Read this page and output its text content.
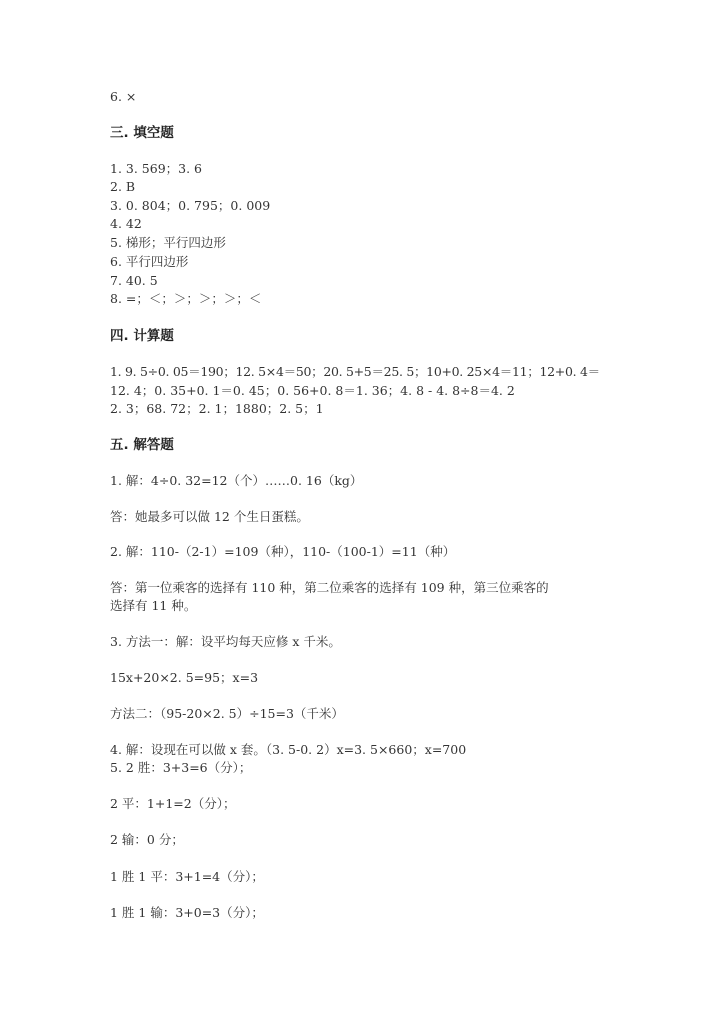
6. ×
三. 填空题
1. 3. 569；3. 6
2. B
3. 0. 804；0. 795；0. 009
4. 42
5. 梯形；平行四边形
6. 平行四边形
7. 40. 5
8. =；＜；＞；＞；＞；＜
四. 计算题
1. 9. 5÷0. 05＝190；12. 5×4＝50；20. 5+5＝25. 5；10+0. 25×4＝11；12+0. 4＝
12. 4；0. 35+0. 1＝0. 45；0. 56+0. 8＝1. 36；4. 8 - 4. 8÷8＝4. 2
2. 3；68. 72；2. 1；1880；2. 5；1
五. 解答题
1. 解：4÷0. 32=12（个）……0. 16（kg）
答：她最多可以做 12 个生日蛋糕。
2. 解：110-（2-1）=109（种），110-（100-1）=11（种）
答：第一位乘客的选择有 110 种，第二位乘客的选择有 109 种，第三位乘客的
选择有 11 种。
3. 方法一：解：设平均每天应修 x 千米。
15x+20×2. 5=95；x=3
方法二：（95-20×2. 5）÷15=3（千米）
4. 解：设现在可以做 x 套。（3. 5-0. 2）x=3. 5×660；x=700
5. 2 胜：3+3=6（分）；
2 平：1+1=2（分）；
2 输：0 分；
1 胜 1 平：3+1=4（分）；
1 胜 1 输：3+0=3（分）；
